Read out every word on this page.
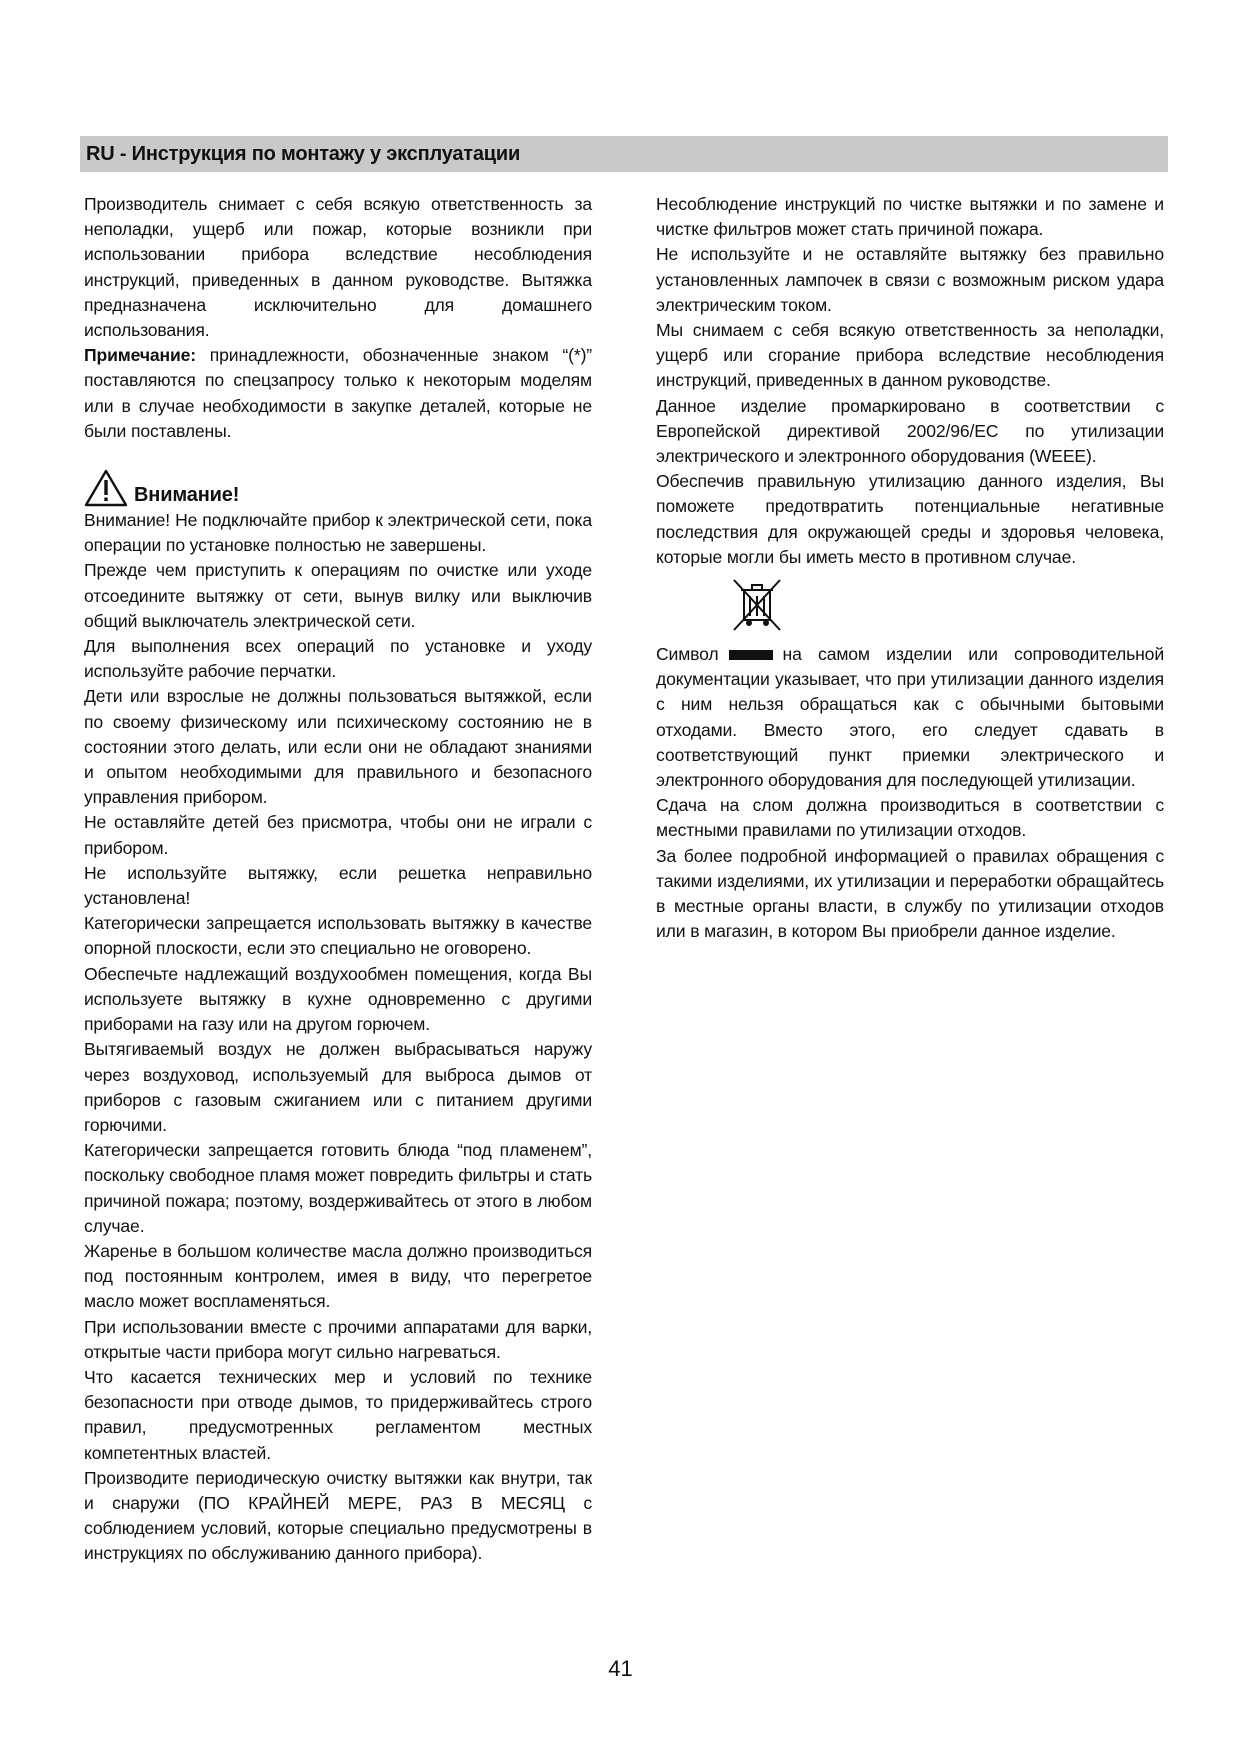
RU - Инструкция по монтажу у эксплуатации

Производитель снимает с себя всякую ответственность за неполадки, ущерб или пожар, которые возникли при использовании прибора вследствие несоблюдения инструкций, приведенных в данном руководстве. Вытяжка предназначена исключительно для домашнего использования.

Примечание: принадлежности, обозначенные знаком “(*)” поставляются по спецзапросу только к некоторым моделям или в случае необходимости в закупке деталей, которые не были поставлены.

Внимание!

Внимание! Не подключайте прибор к электрической сети, пока операции по установке полностью не завершены.

Прежде чем приступить к операциям по очистке или уходе отсоедините вытяжку от сети, вынув вилку или выключив общий выключатель электрической сети.

Для выполнения всех операций по установке и уходу используйте рабочие перчатки.

Дети или взрослые не должны пользоваться вытяжкой, если по своему физическому или психическому состоянию не в состоянии этого делать, или если они не обладают знаниями и опытом необходимыми для правильного и безопасного управления прибором.

Не оставляйте детей без присмотра, чтобы они не играли с прибором.

Не используйте вытяжку, если решетка неправильно установлена!

Категорически запрещается использовать вытяжку в качестве опорной плоскости, если это специально не оговорено.

Обеспечьте надлежащий воздухообмен помещения, когда Вы используете вытяжку в кухне одновременно с другими приборами на газу или на другом горючем.

Вытягиваемый воздух не должен выбрасываться наружу через воздуховод, используемый для выброса дымов от приборов с газовым сжиганием или с питанием другими горючими.

Категорически запрещается готовить блюда “под пламенем”, поскольку свободное пламя может повредить фильтры и стать причиной пожара; поэтому, воздерживайтесь от этого в любом случае.

Жаренье в большом количестве масла должно производиться под постоянным контролем, имея в виду, что перегретое масло может воспламеняться.

При использовании вместе с прочими аппаратами для варки, открытые части прибора могут сильно нагреваться.

Что касается технических мер и условий по технике безопасности при отводе дымов, то придерживайтесь строго правил, предусмотренных регламентом местных компетентных властей.

Производите периодическую очистку вытяжки как внутри, так и снаружи (ПО КРАЙНЕЙ МЕРЕ, РАЗ В МЕСЯЦ с соблюдением условий, которые специально предусмотрены в инструкциях по обслуживанию данного прибора).

Несоблюдение инструкций по чистке вытяжки и по замене и чистке фильтров может стать причиной пожара.

Не используйте и не оставляйте вытяжку без правильно установленных лампочек в связи с возможным риском удара электрическим током.

Мы снимаем с себя всякую ответственность за неполадки, ущерб или сгорание прибора вследствие несоблюдения инструкций, приведенных в данном руководстве.

Данное изделие промаркировано в соответствии с Европейской директивой 2002/96/EC по утилизации электрического и электронного оборудования (WEEE).

Обеспечив правильную утилизацию данного изделия, Вы поможете предотвратить потенциальные негативные последствия для окружающей среды и здоровья человека, которые могли бы иметь место в противном случае.

Символ	на самом изделии или сопроводительной документации указывает, что при утилизации данного изделия с ним нельзя обращаться как с обычными бытовыми отходами. Вместо этого, его следует сдавать в соответствующий пункт приемки электрического и электронного оборудования для последующей утилизации.

Сдача на слом должна производиться в соответствии с местными правилами по утилизации отходов.

За более подробной информацией о правилах обращения с такими изделиями, их утилизации и переработки обращайтесь в местные органы власти, в службу по утилизации отходов или в магазин, в котором Вы приобрели данное изделие.

41
